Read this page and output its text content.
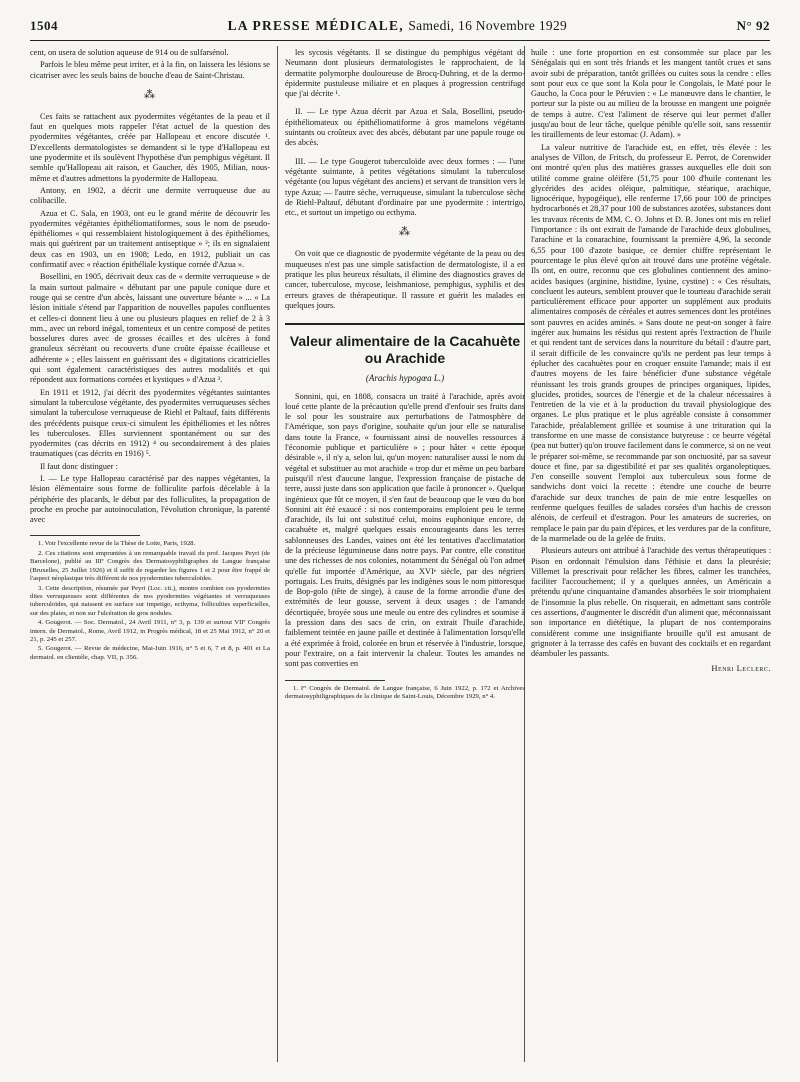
1504	LA PRESSE MÉDICALE, Samedi, 16 Novembre 1929	N° 92

cent, on usera de solution aqueuse de 914 ou de sulfarsénol.

Parfois le bleu même peut irriter, et à la fin, on laissera les lésions se cicatriser avec les seuls bains de bouche d'eau de Saint-Christau.

⁂

Ces faits se rattachent aux pyodermites végétantes de la peau et il faut en quelques mots rappeler l'état actuel de la question des pyodermites végétantes, créée par Hallopeau et encore discutée ¹. D'excellents dermatologistes se demandent si le type d'Hallopeau est une pyodermite et ils soulèvent l'hypothèse d'un pemphigus végétant. Il semble qu'Hallopeau ait raison, et Gaucher, dès 1905, Milian, nous-même et d'autres admettons la pyodermite de Hallopeau.

Antony, en 1902, a décrit une dermite verruqueuse due au colibacille.

Azua et C. Sala, en 1903, ont eu le grand mérite de découvrir les pyodermites végétantes épithéliomatiformes, sous le nom de pseudo-épithéliomes « qui ressemblaient histologiquement à des épithéliomes, mais qui guérirent par un traitement antiseptique » ²; ils en signalaient deux cas en 1903, un en 1908; Ledo, en 1912, publiait un cas confirmatif avec « réaction épithéliale kystique cornée d'Azua ».

Bosellini, en 1905, décrivait deux cas de « dermite verruqueuse » de la main surtout palmaire « débutant par une papule conique dure et rouge qui se centre d'un abcès, laissant une ouverture béante » ... « La lésion initiale s'étend par l'apparition de nouvelles papules confluentes et celles-ci donnent lieu à une ou plusieurs plaques en relief de 2 à 3 mm., avec un rebord inégal, tomenteux et un centre composé de petites bosselures dures avec de grosses écailles et des ulcères à fond granuleux sécrétant ou recouverts d'une croûte épaisse écailleuse et adhérente » ; elles laissent en guérissant des « digitations cicatricielles qui sont également caractéristiques des autres modalités et qui répondent aux formations cornées et kystiques » d'Azua ³.

En 1911 et 1912, j'ai décrit des pyodermites végétantes suintantes simulant la tuberculose végétante, des pyodermites verruqueuses sèches simulant la tuberculose verruqueuse de Riehl et Paltauf, faits différents des précédents puisque ceux-ci simulent les épithéliomes et les nôtres les tuberculoses. Elles surviennent spontanément ou sur des pyodermites (cas décrits en 1912) ⁴ ou secondairement à des plaies traumatiques (cas décrits en 1916) ⁵.

Il faut donc distinguer :

I. — Le type Hallopeau caractérisé par des nappes végétantes, la lésion élémentaire sous forme de folliculite parfois décelable à la périphérie des placards, le début par des folliculites, la propagation de proche en proche par autoinoculation, l'évolution chronique, la parenté avec

1. Voir l'excellente revue de la Thèse de Lotte, Paris, 1928.

2. Ces citations sont empruntées à un remarquable travail du prof. Jacques Peyri (de Barcelone), publié au IIIᵉ Congrès des Dermatosyphiligraphes de Langue française (Bruxelles, 25 Juillet 1926) et il suffit de regarder les figures 1 et 2 pour être frappé de l'aspect néoplasique très différent de nos pyodermites tuberculoïdes.

3. Cette description, résumée par Peyri (Loc. cit.), montre combien ces pyodermites dites verruqueuses sont différentes de nos pyodermites végétantes et verruqueuses tuberculoïdes, qui naissent en surface sur impetigo, ecthyma, folliculites superficielles, sur des plaies, et non sur l'ulcération de gros nodules.

4. Gougerot. — Soc. Dermatol., 24 Avril 1911, n° 3, p. 139 et surtout VIIᵉ Congrès intern. de Dermatol., Rome, Avril 1912, in Progrès médical, 18 et 25 Mai 1912, n° 20 et 21, p. 245 et 257.

5. Gougerot. — Revue de médecine, Mai-Juin 1916, n° 5 et 6, 7 et 8, p. 401 et La dermatol. en clientèle, chap. VII, p. 356.

les sycosis végétants. Il se distingue du pemphigus végétant de Neumann dont plusieurs dermatologistes le rapprochaient, de la dermatite polymorphe douloureuse de Brocq-Duhring, et de la dermo-épidermite pustuleuse miliaire et en plaques à progression centrifuge que j'ai décrite ¹.

II. — Le type Azua décrit par Azua et Sala, Bosellini, pseudo-épithéliomateux ou épithéliomatiforme à gros mamelons végétants suintants ou croûteux avec des abcès, débutant par une papule rouge ou des abcès.

III. — Le type Gougerot tuberculoïde avec deux formes : — l'une végétante suintante, à petites végétations simulant la tuberculose végétante (ou lupus végétant des anciens) et servant de transition vers le type Azua; — l'autre sèche, verruqueuse, simulant la tuberculose sèche de Riehl-Paltauf, débutant d'ordinaire par une pyodermite : intertrigo, etc., et surtout un impetigo ou ecthyma.

⁂

On voit que ce diagnostic de pyodermite végétante de la peau ou des muqueuses n'est pas une simple satisfaction de dermatologiste, il a en pratique les plus heureux résultats, il élimine des diagnostics graves de cancer, tuberculose, mycose, leishmaniose, pemphigus, syphilis et des erreurs graves de thérapeutique. Il rassure et guérit les malades en quelques jours.

Valeur alimentaire de la Cacahuète ou Arachide
(Arachis hypogœa L.)

Sonnini, qui, en 1808, consacra un traité à l'arachide, après avoir loué cette plante de la précaution qu'elle prend d'enfouir ses fruits dans le sol pour les soustraire aux perturbations de l'atmosphère de l'Amérique, son pays d'origine, souhaite qu'un jour elle se naturalise dans toute la France, « fournissant ainsi de nouvelles ressources à l'économie publique et particulière » ; pour hâter « cette époque désirable », il n'y a, selon lui, qu'un moyen: naturaliser aussi le nom du végétal et substituer au mot arachide « trop dur et même un peu barbare puisqu'il n'est d'aucune langue, l'expression française de pistache de terre, aussi juste dans son application que facile à prononcer ». Quelque ingénieux que fût ce moyen, il s'en faut de beaucoup que le vœu du bon Sonnini ait été exaucé : si nos contemporains emploient peu le terme d'arachide, ils lui ont substitué celui, moins euphonique encore, de cacahuète et, malgré quelques essais encourageants dans les terres sablonneuses des Landes, vaines ont été les tentatives d'acclimatation de la précieuse légumineuse dans notre pays. Par contre, elle constitue une des richesses de nos colonies, notamment du Sénégal où l'on admet qu'elle fut importée d'Amérique, au XVIᵉ siècle, par des négriers portugais. Les fruits, désignés par les indigènes sous le nom pittoresque de Bop-golo (tête de singe), à cause de la forme arrondie d'une des extrémités de leur gousse, servent à deux usages : de l'amande décortiquée, broyée sous une meule ou entre des cylindres et soumise à la pression dans des sacs de crin, on extrait l'huile d'arachide, faiblement teintée en jaune paille et destinée à l'alimentation lorsqu'elle a été exprimée à froid, colorée en brun et réservée à l'industrie, lorsque, pour l'extraire, on a fait intervenir la chaleur. Toutes les amandes ne sont pas converties en

1. Iᵉʳ Congrès de Dermatol. de Langue française, 6 Juin 1922, p. 172 et Archives dermatosyphiligraphiques de la clinique de Saint-Louis, Décembre 1929, n° 4.

huile : une forte proportion en est consommée sur place par les Sénégalais qui en sont très friands et les mangent tantôt crues et sans avoir subi de préparation, tantôt grillées ou cuites sous la cendre : elles sont pour eux ce que sont la Kola pour le Congolais, le Maté pour le Gaucho, la Coca pour le Péruvien : « Le manœuvre dans le chantier, le porteur sur la piste ou au milieu de la brousse en mangent une poignée de temps à autre. C'est l'aliment de réserve qui leur permet d'aller jusqu'au bout de leur tâche, quelque pénible qu'elle soit, sans ressentir les tiraillements de leur estomac (J. Adam). »

La valeur nutritive de l'arachide est, en effet, très élevée : les analyses de Villon, de Fritsch, du professeur E. Perrot, de Corenwider ont montré qu'en plus des matières grasses auxquelles elle doit son utilité comme graine oléifère (51,75 pour 100 d'huile contenant les glycérides des acides oléique, palmitique, stéarique, arachique, lignocérique, hypogéique), elle renferme 17,66 pour 100 de principes hydrocarbonés et 28,37 pour 100 de substances azotées, substances dont les travaux récents de MM. C. O. Johns et D. B. Jones ont mis en relief l'importance : ils ont extrait de l'amande de l'arachide deux globulines, l'arachine et la conarachine, fournissant la première 4,96, la seconde 6,55 pour 100 d'azote basique, ce dernier chiffre représentant le pourcentage le plus élevé qu'on ait trouvé dans une protéine végétale. Ils ont, en outre, reconnu que ces globulines contiennent des amino-acides basiques (arginine, histidine, lysine, cystine) : « Ces résultats, concluent les auteurs, semblent prouver que le tourteau d'arachide serait particulièrement efficace pour apporter un supplément aux produits alimentaires composés de céréales et autres semences dont les protéines sont pauvres en acides aminés. » Sans doute ne peut-on songer à faire ingérer aux humains les résidus qui restent après l'extraction de l'huile et qui rendent tant de services dans la nourriture du bétail : d'autre part, il serait difficile de les convaincre qu'ils ne perdent pas leur temps à éplucher des cacahuètes pour en croquer ensuite l'amande; mais il est d'autres moyens de les faire bénéficier d'une substance végétale réunissant les trois grands groupes de principes organiques, lipides, glucides, protides, sources de l'énergie et de la chaleur nécessaires à l'entretien de la vie et à la production du travail physiologique des organes. Le plus pratique et le plus agréable consiste à consommer l'arachide, préalablement grillée et soumise à une trituration qui la transforme en une masse de consistance butyreuse : ce beurre végétal (pea nut butter) qu'on trouve facilement dans le commerce, si on ne veut le préparer soi-même, se recommande par son onctuosité, par sa saveur douce et fine, par sa digestibilité et par ses qualités organoleptiques. J'en conseille souvent l'emploi aux tuberculeux sous forme de sandwichs dont voici la recette : étendre une couche de beurre d'arachide sur deux tranches de pain de mie entre lesquelles on renferme quelques feuilles de salades corsées d'un hachis de cresson alénois, de cerfeuil et d'estragon. Pour les amateurs de sucreries, on remplace le pain par du pain d'épices, et les verdures par de la confiture, de la marmelade ou de la gelée de fruits.

Plusieurs auteurs ont attribué à l'arachide des vertus thérapeutiques : Pison en ordonnait l'émulsion dans l'éthisie et dans la pleurésie; Villemet la prescrivait pour relâcher les fibres, calmer les tranchées, faciliter l'accouchement; il y a quelques années, un Américain a prétendu qu'une cinquantaine d'amandes absorbées le soir triomphaient de l'insomnie la plus rebelle. On risquerait, en admettant sans contrôle ces assertions, d'augmenter le discrédit d'un aliment que, méconnaissant son importance en diététique, la plupart de nos contemporains considèrent comme une insignifiante brouille qu'il est amusant de grignoter à la terrasse des cafés en buvant des cocktails et en regardant déambuler les passants.

Henri Leclerc.
